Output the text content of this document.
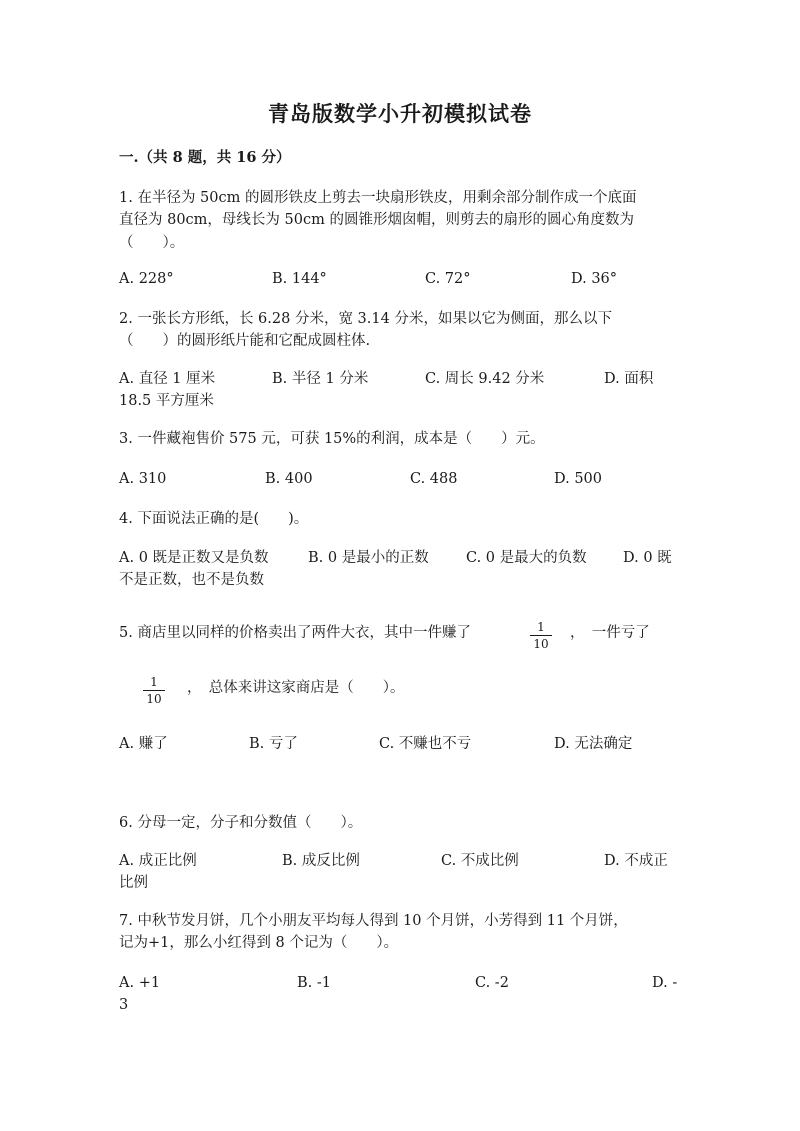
青岛版数学小升初模拟试卷
一.（共 8 题，共 16 分）
1. 在半径为 50cm 的圆形铁皮上剪去一块扇形铁皮，用剩余部分制作成一个底面
直径为 80cm，母线长为 50cm 的圆锥形烟囱帽，则剪去的扇形的圆心角度数为
（　　）。
A. 228°	B. 144°	C. 72°	D. 36°
2. 一张长方形纸，长 6.28 分米，宽 3.14 分米，如果以它为侧面，那么以下
（　　）的圆形纸片能和它配成圆柱体.
A. 直径 1 厘米	B. 半径 1 分米	C. 周长 9.42 分米	D. 面积
18.5 平方厘米
3. 一件藏袍售价 575 元，可获 15%的利润，成本是（　　）元。
A. 310	B. 400	C. 488	D. 500
4. 下面说法正确的是(　　)。
A. 0 既是正数又是负数	B. 0 是最小的正数	C. 0 是最大的负数	D. 0 既
不是正数，也不是负数
5. 商店里以同样的价格卖出了两件大衣，其中一件赚了	$\frac{1}{10}$ ，　一件亏了
$\frac{1}{10}$ ，　总体来讲这家商店是（　　）。
A. 赚了	B. 亏了	C. 不赚也不亏	D. 无法确定
6. 分母一定，分子和分数值（　　）。
A. 成正比例	B. 成反比例	C. 不成比例	D. 不成正
比例
7. 中秋节发月饼，几个小朋友平均每人得到 10 个月饼，小芳得到 11 个月饼，
记为+1，那么小红得到 8 个记为（　　）。
A. +1	B. -1	C. -2	D. -
3
